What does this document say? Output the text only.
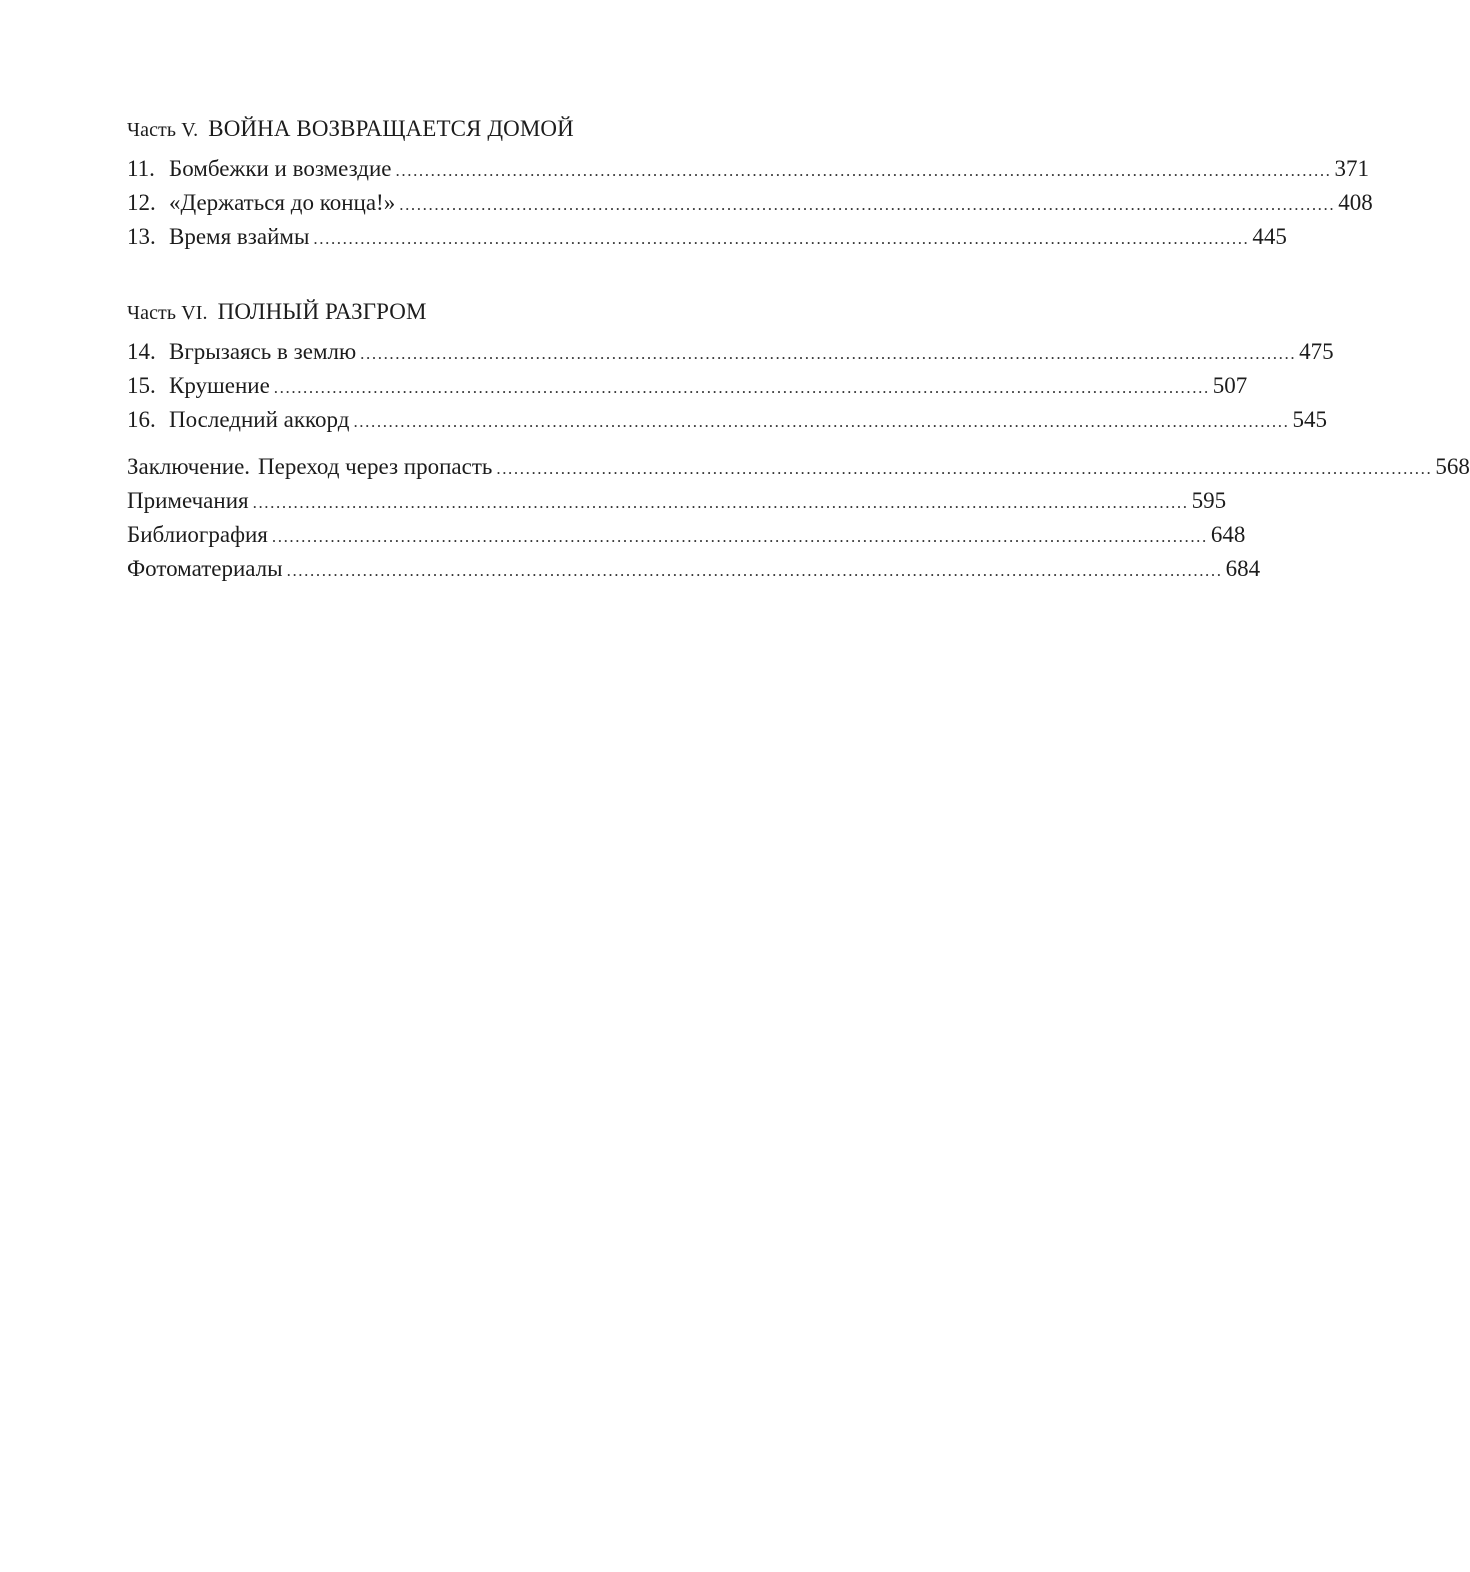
Часть V. ВОЙНА ВОЗВРАЩАЕТСЯ ДОМОЙ
11. Бомбежки и возмездие ................................................................................................................................................................ 371
12. «Держаться до конца!» ................................................................................................................................................................ 408
13. Время взаймы ................................................................................................................................................................ 445
Часть VI. ПОЛНЫЙ РАЗГРОМ
14. Вгрызаясь в землю ................................................................................................................................................................ 475
15. Крушение ................................................................................................................................................................ 507
16. Последний аккорд ................................................................................................................................................................ 545
Заключение. Переход через пропасть ................................................................................................................................................................ 568
Примечания ................................................................................................................................................................ 595
Библиография ................................................................................................................................................................ 648
Фотоматериалы ................................................................................................................................................................ 684
